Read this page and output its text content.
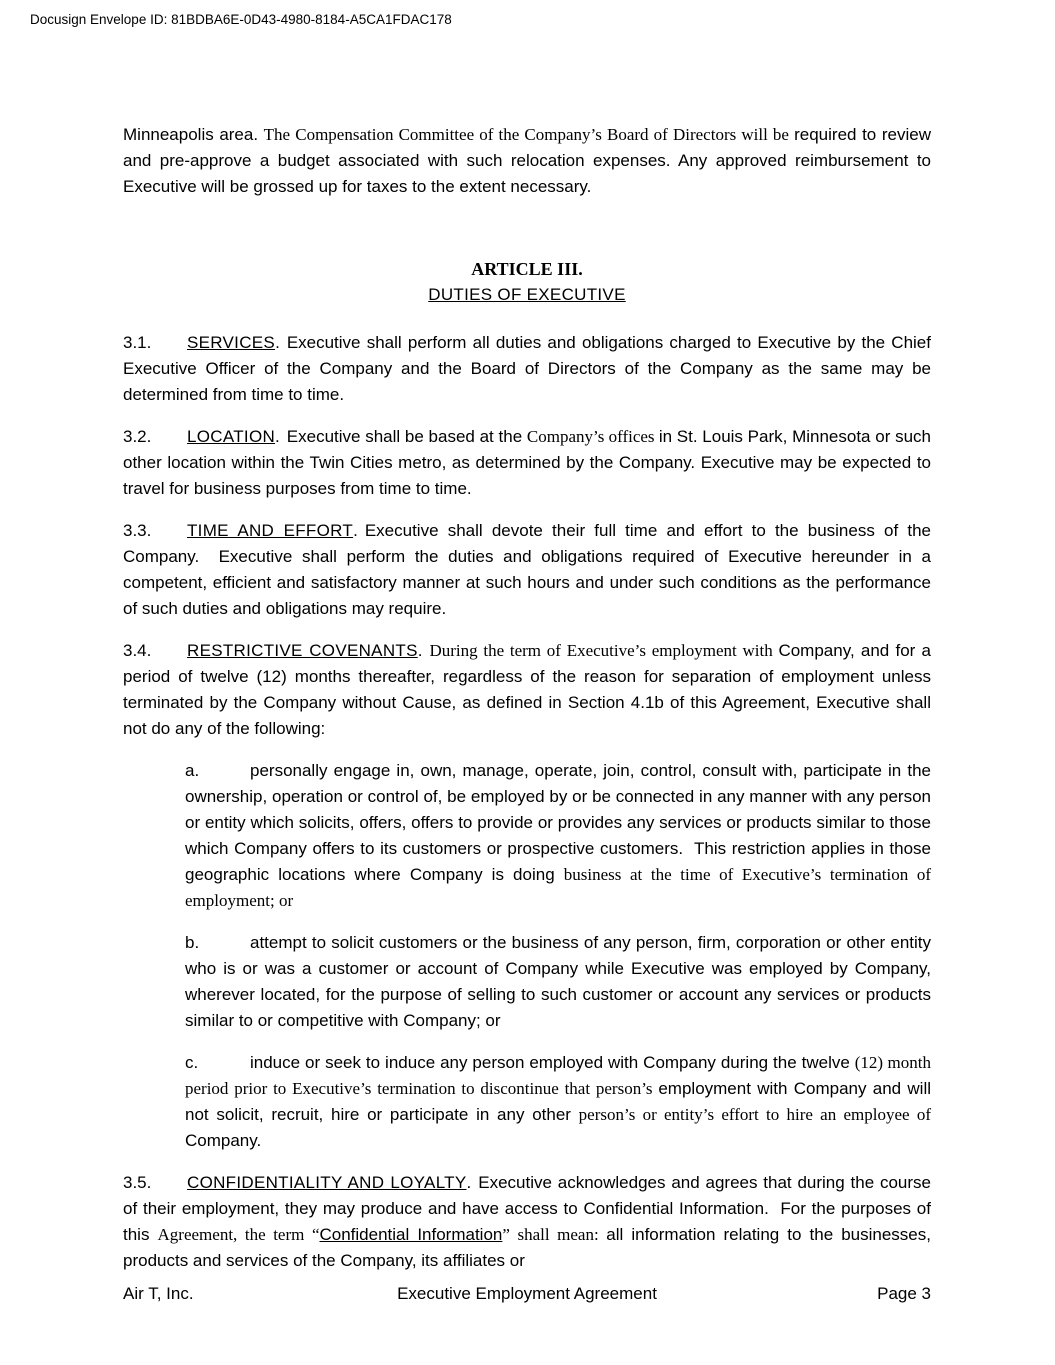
Docusign Envelope ID: 81BDBA6E-0D43-4980-8184-A5CA1FDAC178

Minneapolis area. The Compensation Committee of the Company’s Board of Directors will be required to review and pre-approve a budget associated with such relocation expenses. Any approved reimbursement to Executive will be grossed up for taxes to the extent necessary.

ARTICLE III.
DUTIES OF EXECUTIVE

3.1. SERVICES. Executive shall perform all duties and obligations charged to Executive by the Chief Executive Officer of the Company and the Board of Directors of the Company as the same may be determined from time to time.

3.2. LOCATION. Executive shall be based at the Company’s offices in St. Louis Park, Minnesota or such other location within the Twin Cities metro, as determined by the Company. Executive may be expected to travel for business purposes from time to time.

3.3. TIME AND EFFORT. Executive shall devote their full time and effort to the business of the Company.  Executive shall perform the duties and obligations required of Executive hereunder in a competent, efficient and satisfactory manner at such hours and under such conditions as the performance of such duties and obligations may require.

3.4. RESTRICTIVE COVENANTS. During the term of Executive’s employment with Company, and for a period of twelve (12) months thereafter, regardless of the reason for separation of employment unless terminated by the Company without Cause, as defined in Section 4.1b of this Agreement, Executive shall not do any of the following:

a.	personally engage in, own, manage, operate, join, control, consult with, participate in the ownership, operation or control of, be employed by or be connected in any manner with any person or entity which solicits, offers, offers to provide or provides any services or products similar to those which Company offers to its customers or prospective customers.  This restriction applies in those geographic locations where Company is doing business at the time of Executive’s termination of employment; or

b.	attempt to solicit customers or the business of any person, firm, corporation or other entity who is or was a customer or account of Company while Executive was employed by Company, wherever located, for the purpose of selling to such customer or account any services or products similar to or competitive with Company; or

c.	induce or seek to induce any person employed with Company during the twelve (12) month period prior to Executive’s termination to discontinue that person’s employment with Company and will not solicit, recruit, hire or participate in any other person’s or entity’s effort to hire an employee of Company.

3.5. CONFIDENTIALITY AND LOYALTY. Executive acknowledges and agrees that during the course of their employment, they may produce and have access to Confidential Information.  For the purposes of this Agreement, the term “Confidential Information” shall mean: all information relating to the businesses, products and services of the Company, its affiliates or

Air T, Inc.	Executive Employment Agreement	Page 3
